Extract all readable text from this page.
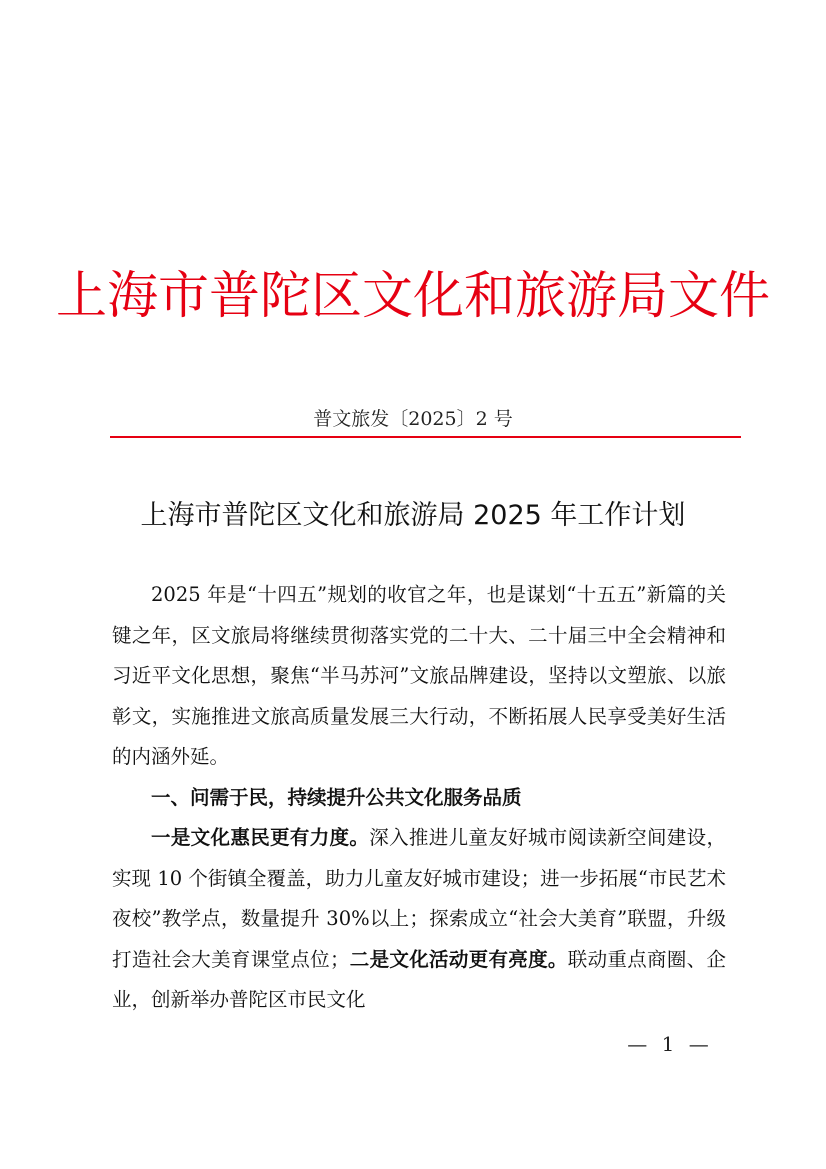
上海市普陀区文化和旅游局文件
普文旅发〔2025〕2 号
上海市普陀区文化和旅游局 2025 年工作计划

2025 年是“十四五”规划的收官之年，也是谋划“十五五”新篇的关键之年，区文旅局将继续贯彻落实党的二十大、二十届三中全会精神和习近平文化思想，聚焦“半马苏河”文旅品牌建设，坚持以文塑旅、以旅彰文，实施推进文旅高质量发展三大行动，不断拓展人民享受美好生活的内涵外延。

一、问需于民，持续提升公共文化服务品质

一是文化惠民更有力度。深入推进儿童友好城市阅读新空间建设，实现 10 个街镇全覆盖，助力儿童友好城市建设；进一步拓展“市民艺术夜校”教学点，数量提升 30%以上；探索成立“社会大美育”联盟，升级打造社会大美育课堂点位；二是文化活动更有亮度。联动重点商圈、企业，创新举办普陀区市民文化

— 1 —
